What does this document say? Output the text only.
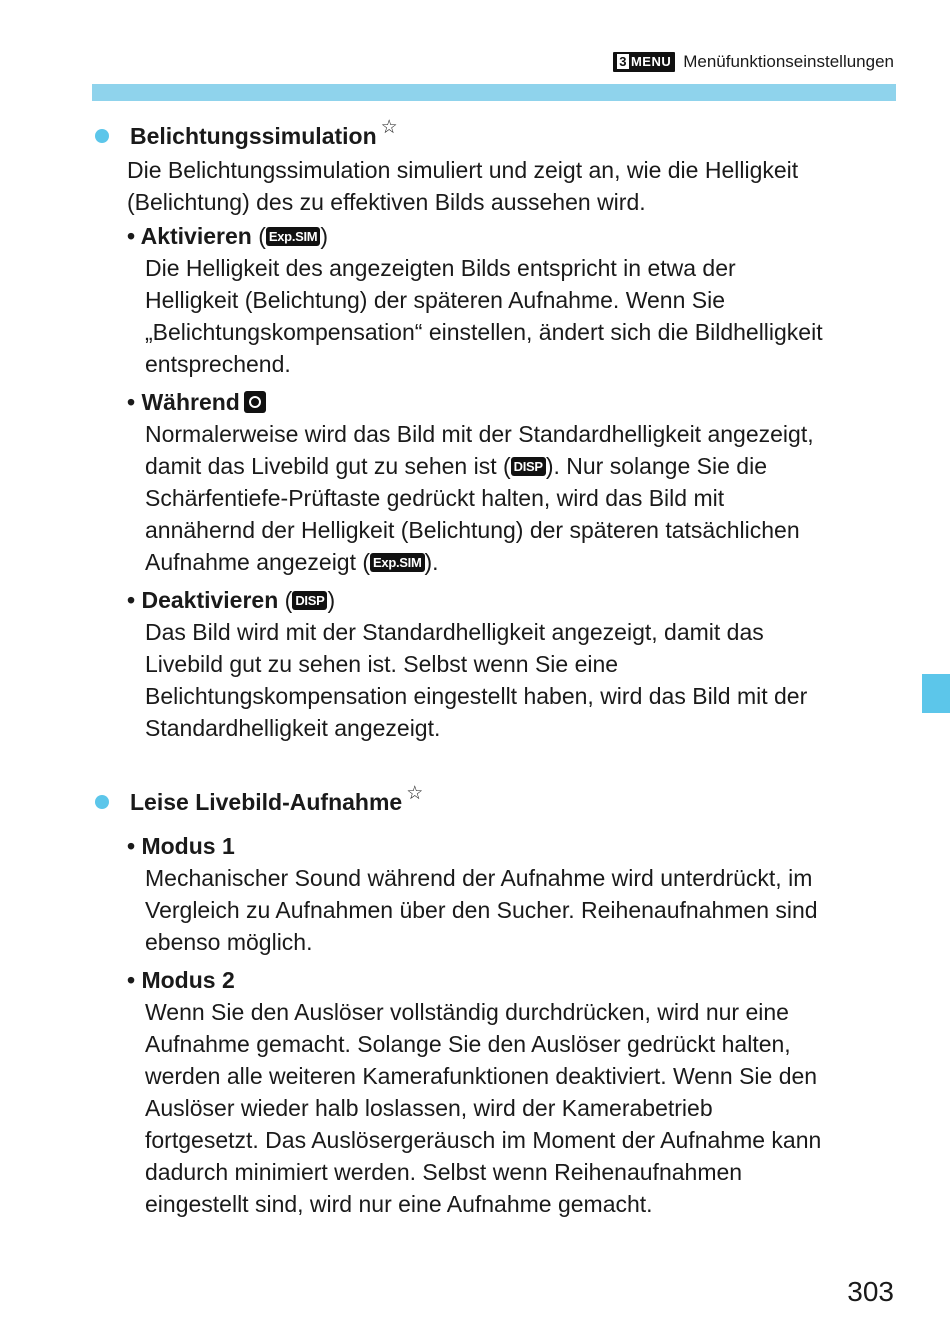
3 MENU Menüfunktionseinstellungen
Belichtungssimulation ☆
Die Belichtungssimulation simuliert und zeigt an, wie die Helligkeit
(Belichtung) des zu effektiven Bilds aussehen wird.
• Aktivieren ( Exp.SIM )
Die Helligkeit des angezeigten Bilds entspricht in etwa der
Helligkeit (Belichtung) der späteren Aufnahme. Wenn Sie
„Belichtungskompensation“ einstellen, ändert sich die Bildhelligkeit
entsprechend.
• Während
Normalerweise wird das Bild mit der Standardhelligkeit angezeigt,
damit das Livebild gut zu sehen ist ( DISP ). Nur solange Sie die
Schärfentiefe-Prüftaste gedrückt halten, wird das Bild mit
annähernd der Helligkeit (Belichtung) der späteren tatsächlichen
Aufnahme angezeigt ( Exp.SIM ).
• Deaktivieren ( DISP )
Das Bild wird mit der Standardhelligkeit angezeigt, damit das
Livebild gut zu sehen ist. Selbst wenn Sie eine
Belichtungskompensation eingestellt haben, wird das Bild mit der
Standardhelligkeit angezeigt.
Leise Livebild-Aufnahme ☆
• Modus 1
Mechanischer Sound während der Aufnahme wird unterdrückt, im
Vergleich zu Aufnahmen über den Sucher. Reihenaufnahmen sind
ebenso möglich.
• Modus 2
Wenn Sie den Auslöser vollständig durchdrücken, wird nur eine
Aufnahme gemacht. Solange Sie den Auslöser gedrückt halten,
werden alle weiteren Kamerafunktionen deaktiviert. Wenn Sie den
Auslöser wieder halb loslassen, wird der Kamerabetrieb
fortgesetzt. Das Auslösergeräusch im Moment der Aufnahme kann
dadurch minimiert werden. Selbst wenn Reihenaufnahmen
eingestellt sind, wird nur eine Aufnahme gemacht.
303
